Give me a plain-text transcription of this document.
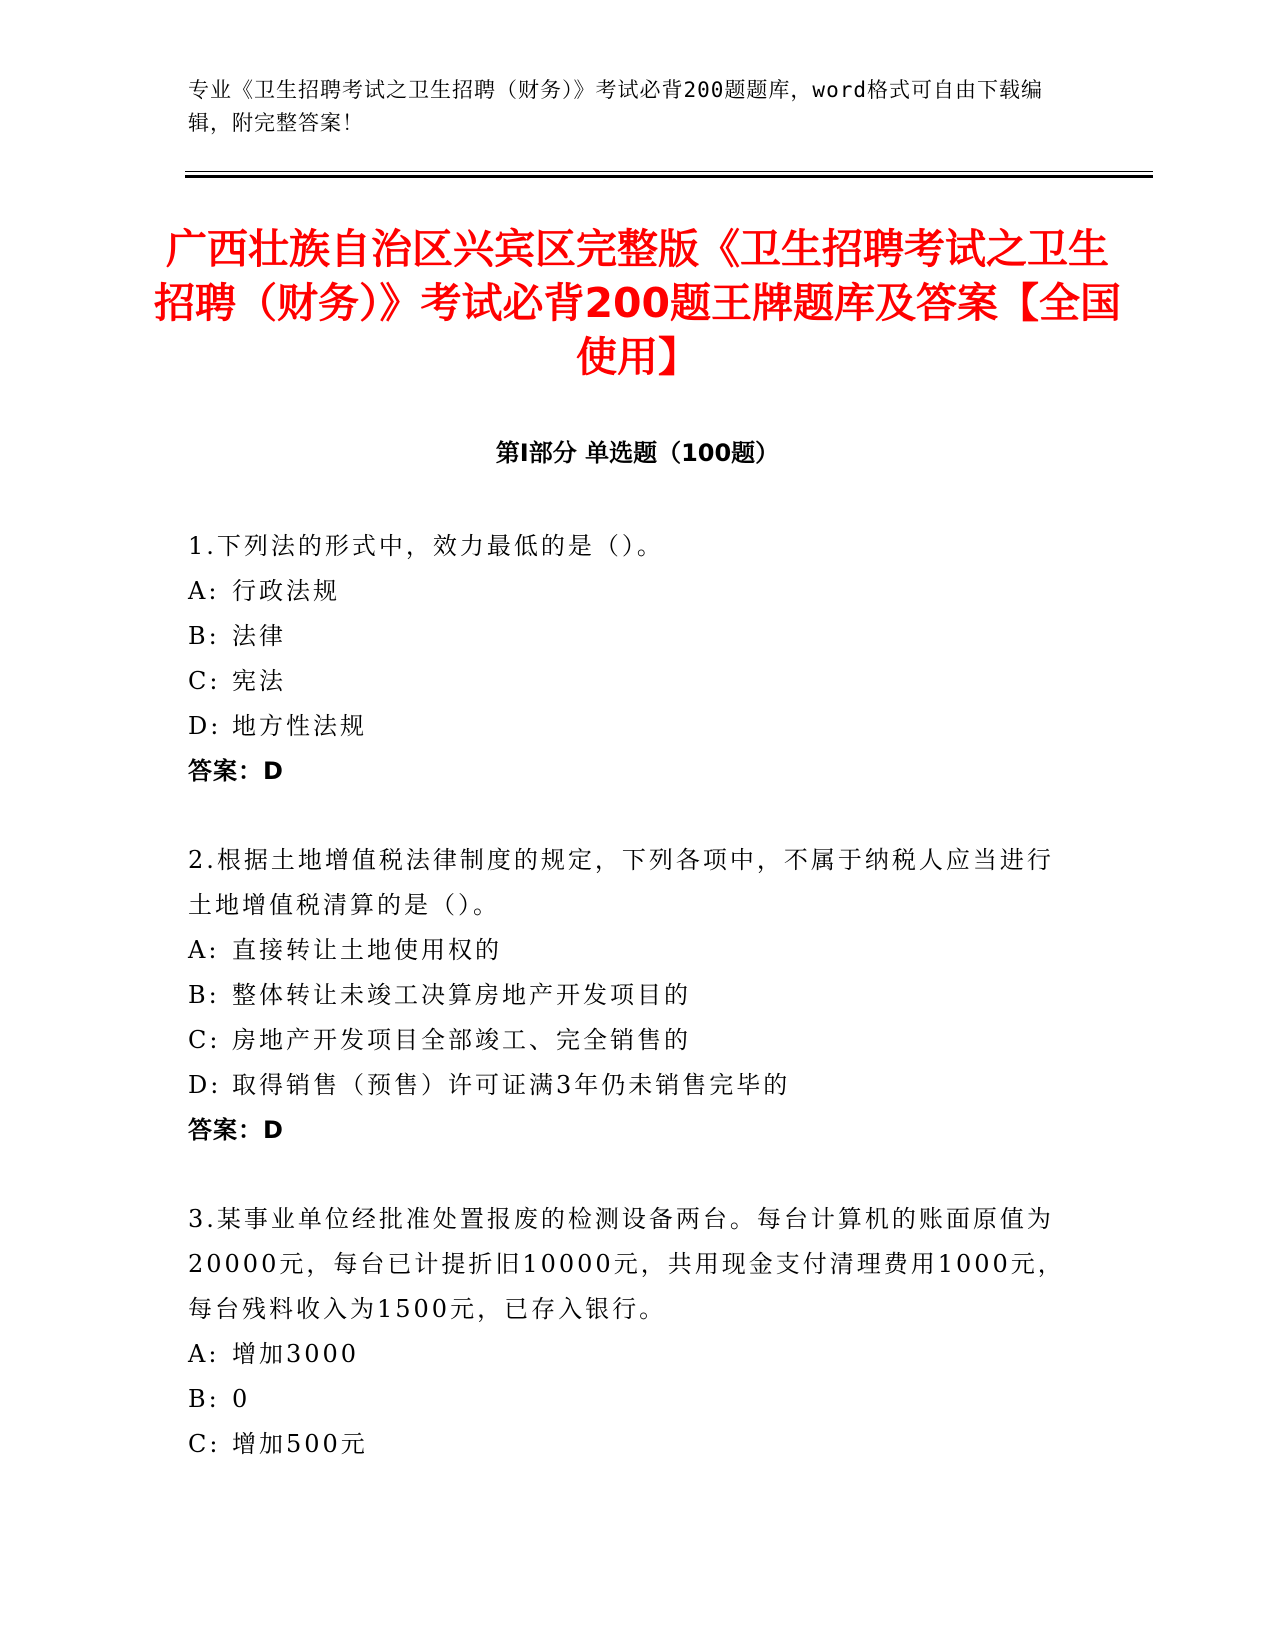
专业《卫生招聘考试之卫生招聘（财务）》考试必背200题题库，word格式可自由下载编辑，附完整答案！
广西壮族自治区兴宾区完整版《卫生招聘考试之卫生招聘（财务）》考试必背200题王牌题库及答案【全国使用】
第Ⅰ部分 单选题（100题）
1.下列法的形式中，效力最低的是（）。
A: 行政法规
B: 法律
C: 宪法
D: 地方性法规
答案：D
2.根据土地增值税法律制度的规定，下列各项中，不属于纳税人应当进行土地增值税清算的是（）。
A: 直接转让土地使用权的
B: 整体转让未竣工决算房地产开发项目的
C: 房地产开发项目全部竣工、完全销售的
D: 取得销售（预售）许可证满3年仍未销售完毕的
答案：D
3.某事业单位经批准处置报废的检测设备两台。每台计算机的账面原值为20000元，每台已计提折旧10000元，共用现金支付清理费用1000元，每台残料收入为1500元，已存入银行。
A: 增加3000
B: 0
C: 增加500元
